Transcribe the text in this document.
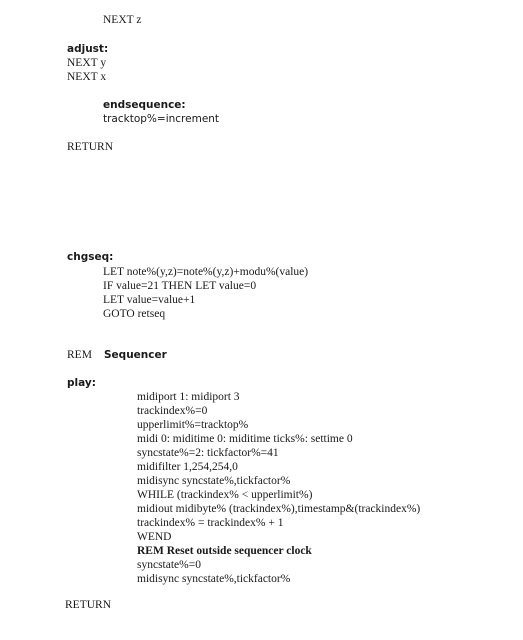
NEXT z
adjust:
NEXT y
NEXT x
endsequence:
tracktop%=increment
RETURN
chgseq:
LET note%(y,z)=note%(y,z)+modu%(value)
IF value=21 THEN LET value=0
LET value=value+1
GOTO retseq
REM Sequencer
play:
midiport 1: midiport 3
trackindex%=0
upperlimit%=tracktop%
midi 0: miditime 0: miditime ticks%: settime 0
syncstate%=2: tickfactor%=41
midifilter 1,254,254,0
midisync syncstate%,tickfactor%
WHILE (trackindex% < upperlimit%)
midiout midibyte% (trackindex%),timestamp&(trackindex%)
trackindex% = trackindex% + 1
WEND
REM Reset outside sequencer clock
syncstate%=0
midisync syncstate%,tickfactor%
RETURN
